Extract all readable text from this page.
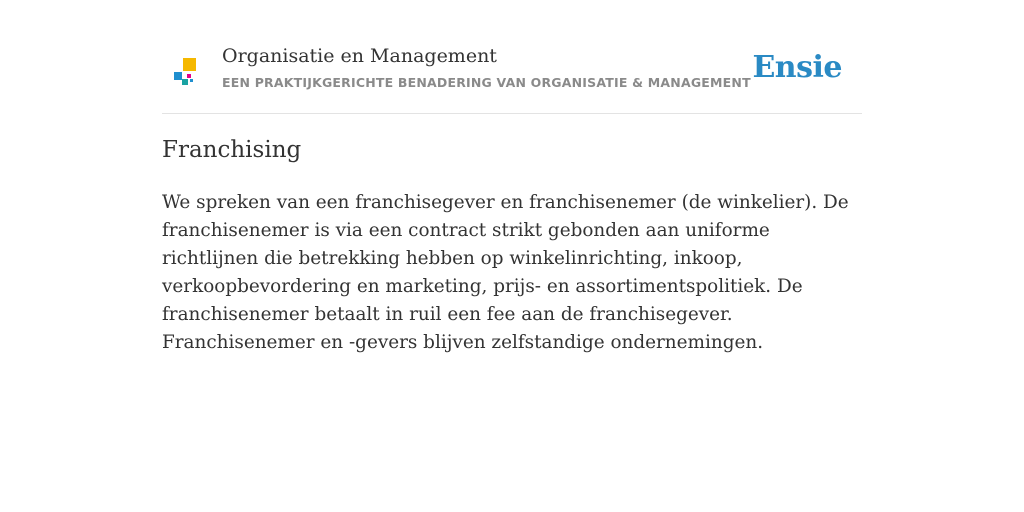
Organisatie en Management
EEN PRAKTIJKGERICHTE BENADERING VAN ORGANISATIE & MANAGEMENT Ensie
Franchising

We spreken van een franchisegever en franchisenemer (de winkelier). De franchisenemer is via een contract strikt gebonden aan uniforme richtlijnen die betrekking hebben op winkelinrichting, inkoop, verkoopbevordering en marketing, prijs- en assortimentspolitiek. De franchisenemer betaalt in ruil een fee aan de franchisegever. Franchisenemer en -gevers blijven zelfstandige ondernemingen.
